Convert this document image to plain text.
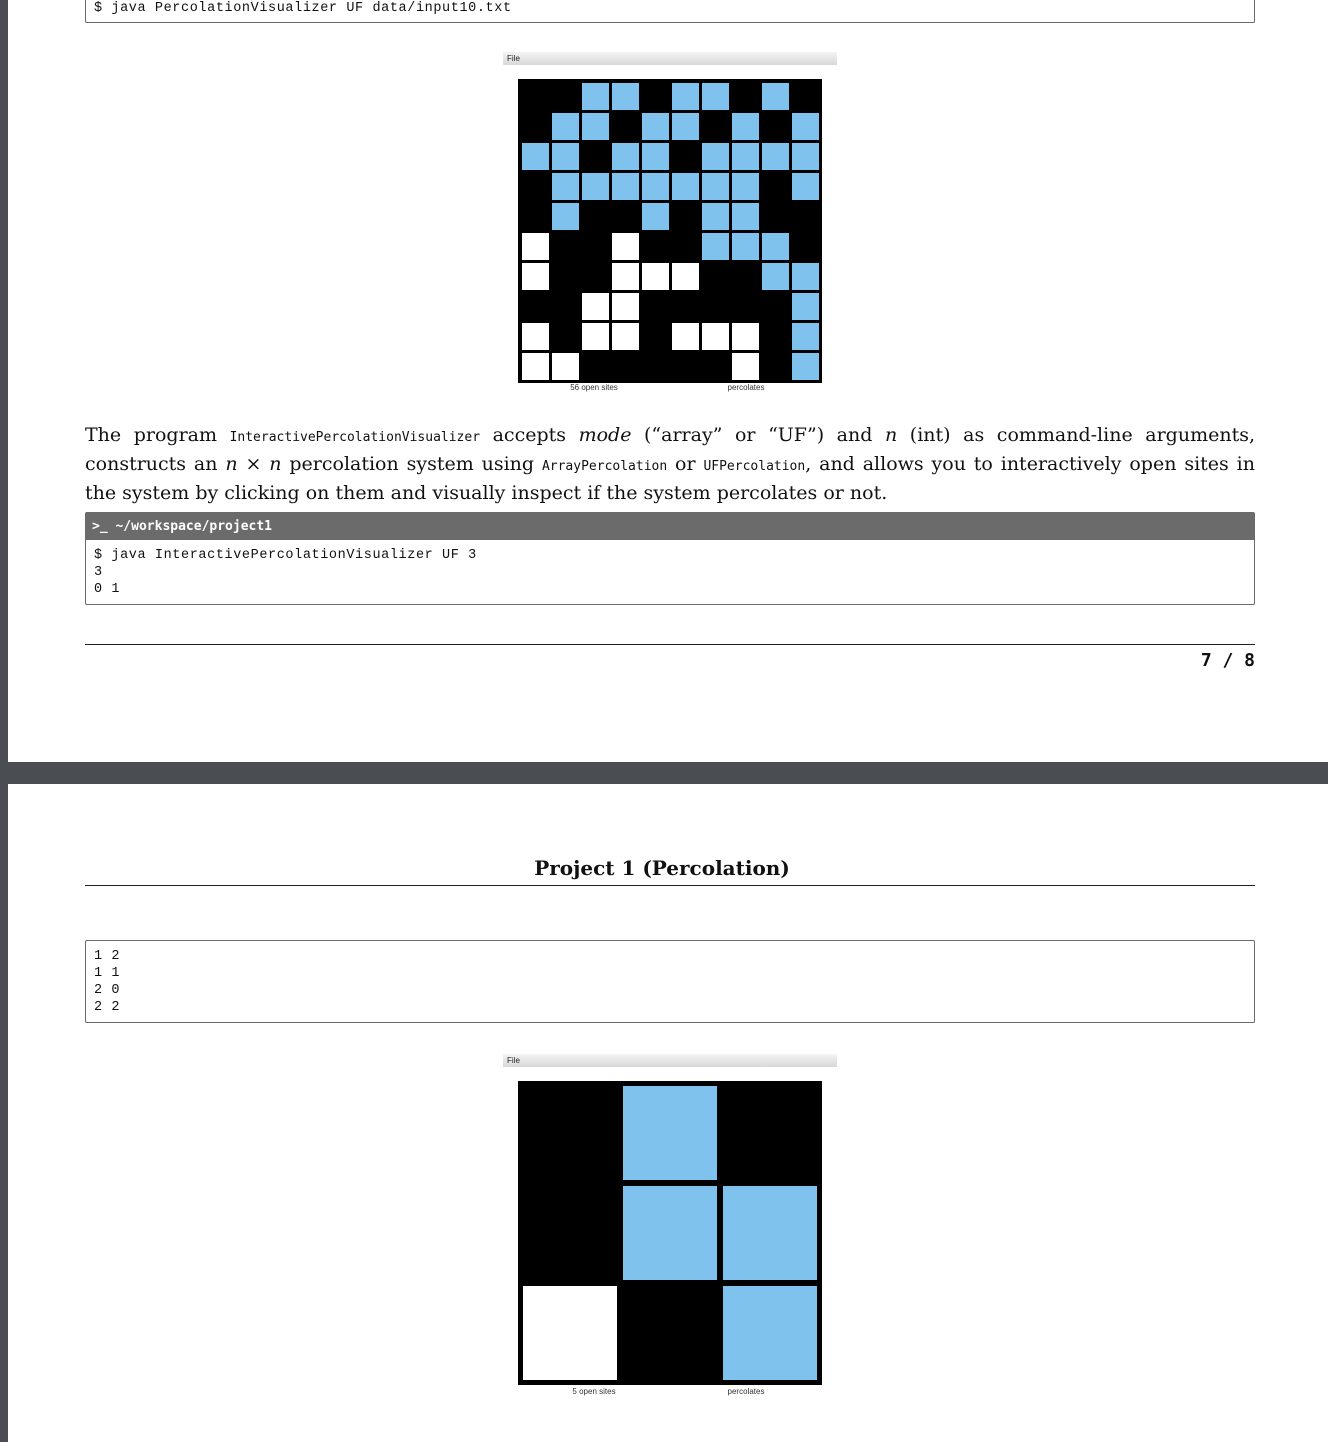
$ java PercolationVisualizer UF data/input10.txt
File
56 open sites	percolates
The program InteractivePercolationVisualizer accepts mode (“array” or “UF”) and n (int) as command-line arguments, constructs an n × n percolation system using ArrayPercolation or UFPercolation, and allows you to interactively open sites in the system by clicking on them and visually inspect if the system percolates or not.
>_ ~/workspace/project1
$ java InteractivePercolationVisualizer UF 3
3
0 1
7 / 8
Project 1 (Percolation)
1 2
1 1
2 0
2 2
File
5 open sites	percolates
